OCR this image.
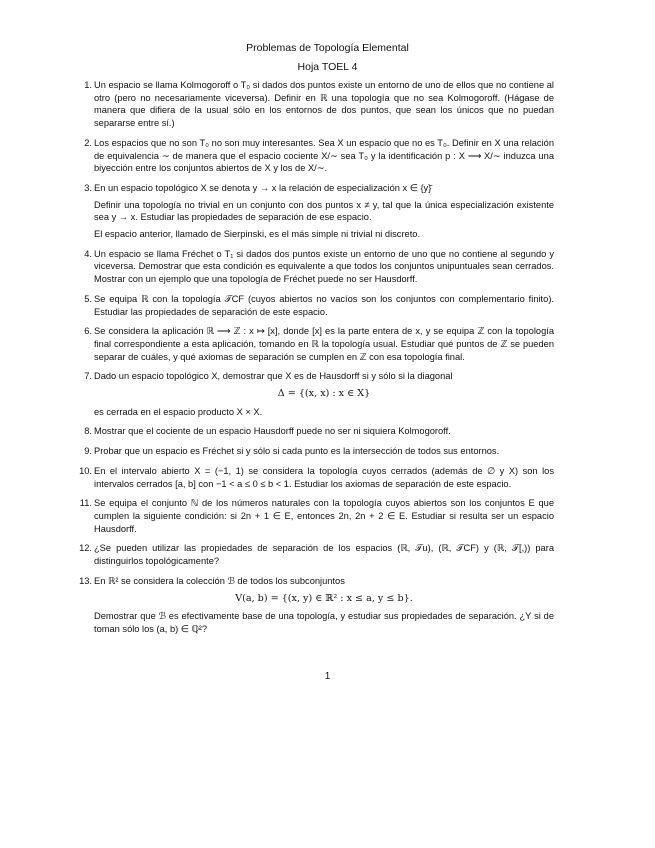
Problemas de Topología Elemental
Hoja TOEL 4
1. Un espacio se llama Kolmogoroff o T₀ si dados dos puntos existe un entorno de uno de ellos que no contiene al otro (pero no necesariamente viceversa). Definir en ℝ una topología que no sea Kolmogoroff. (Hágase de manera que difiera de la usual sólo en los entornos de dos puntos, que sean los únicos que no puedan separarse entre sí.)
2. Los espacios que no son T₀ no son muy interesantes. Sea X un espacio que no es T₀. Definir en X una relación de equivalencia ∼ de manera que el espacio cociente X/∼ sea T₀ y la identificación p : X ⟶ X/∼ induzca una biyección entre los conjuntos abiertos de X y los de X/∼.
3. En un espacio topológico X se denota y → x la relación de especialización x ∈ {y}̄
Definir una topología no trivial en un conjunto con dos puntos x ≠ y, tal que la única especialización existente sea y → x. Estudiar las propiedades de separación de ese espacio.
El espacio anterior, llamado de Sierpinski, es el más simple ni trivial ni discreto.
4. Un espacio se llama Fréchet o T₁ si dados dos puntos existe un entorno de uno que no contiene al segundo y viceversa. Demostrar que esta condición es equivalente a que todos los conjuntos unipuntuales sean cerrados. Mostrar con un ejemplo que una topología de Fréchet puede no ser Hausdorff.
5. Se equipa ℝ con la topología 𝒯CF (cuyos abiertos no vacíos son los conjuntos con complementario finito). Estudiar las propiedades de separación de este espacio.
6. Se considera la aplicación ℝ ⟶ ℤ : x ↦ [x], donde [x] es la parte entera de x, y se equipa ℤ con la topología final correspondiente a esta aplicación, tomando en ℝ la topología usual. Estudiar qué puntos de ℤ se pueden separar de cuáles, y qué axiomas de separación se cumplen en ℤ con esa topología final.
7. Dado un espacio topológico X, demostrar que X es de Hausdorff si y sólo si la diagonal
Δ = {(x, x) : x ∈ X}
es cerrada en el espacio producto X × X.
8. Mostrar que el cociente de un espacio Hausdorff puede no ser ni siquiera Kolmogoroff.
9. Probar que un espacio es Fréchet si y sólo si cada punto es la intersección de todos sus entornos.
10. En el intervalo abierto X = (−1, 1) se considera la topología cuyos cerrados (además de ∅ y X) son los intervalos cerrados [a, b] con −1 < a ≤ 0 ≤ b < 1. Estudiar los axiomas de separación de este espacio.
11. Se equipa el conjunto ℕ de los números naturales con la topología cuyos abiertos son los conjuntos E que cumplen la siguiente condición: si 2n + 1 ∈ E, entonces 2n, 2n + 2 ∈ E. Estudiar si resulta ser un espacio Hausdorff.
12. ¿Se pueden utilizar las propiedades de separación de los espacios (ℝ, 𝒯u), (ℝ, 𝒯CF) y (ℝ, 𝒯[,)) para distinguirlos topológicamente?
13. En ℝ² se considera la colección ℬ de todos los subconjuntos
V(a, b) = {(x, y) ∈ ℝ² : x ≤ a, y ≤ b}.
Demostrar que ℬ es efectivamente base de una topología, y estudiar sus propiedades de separación. ¿Y si de toman sólo los (a, b) ∈ ℚ²?
1
